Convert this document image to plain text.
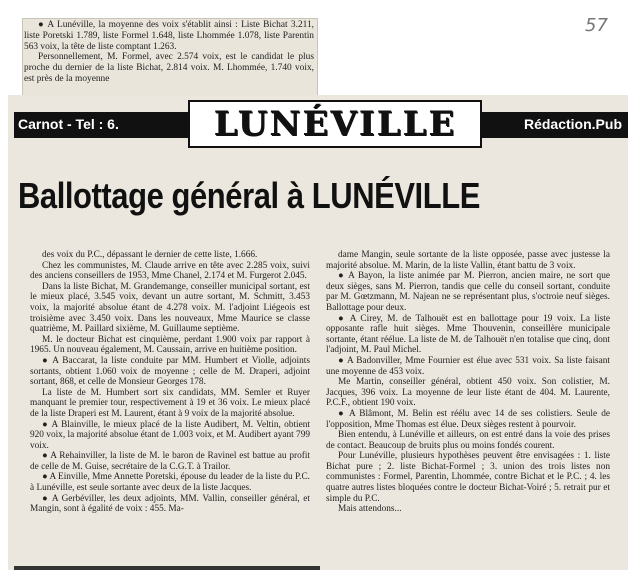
57

● A Lunéville, la moyenne des voix s'établit ainsi : Liste Bichat 3.211, liste Poretski 1.789, liste Formel 1.648, liste Lhommée 1.078, liste Parentin 563 voix, la tête de liste comptant 1.263.

Personnellement, M. Formel, avec 2.574 voix, est le candidat le plus proche du dernier de la liste Bichat, 2.814 voix. M. Lhommée, 1.740 voix, est près de la moyenne

Carnot - Tel : 6.	LUNÉVILLE	Rédaction.Pub
Ballottage général à LUNÉVILLE

des voix du P.C., dépassant le dernier de cette liste, 1.666.

Chez les communistes, M. Claude arrive en tête avec 2.285 voix, suivi des anciens conseillers de 1953, Mme Chanel, 2.174 et M. Furgerot 2.045.

Dans la liste Bichat, M. Grandemange, conseiller municipal sortant, est le mieux placé, 3.545 voix, devant un autre sortant, M. Schmitt, 3.453 voix, la majorité absolue étant de 4.278 voix. M. l'adjoint Liégeois est troisième avec 3.450 voix. Dans les nouveaux, Mme Maurice se classe quatrième, M. Paillard sixième, M. Guillaume septième.

M. le docteur Bichat est cinquième, perdant 1.900 voix par rapport à 1965. Un nouveau également, M. Caussain, arrive en huitième position.

● A Baccarat, la liste conduite par MM. Humbert et Violle, adjoints sortants, obtient 1.060 voix de moyenne ; celle de M. Draperi, adjoint sortant, 868, et celle de Monsieur Georges 178.

La liste de M. Humbert sort six candidats, MM. Semler et Ruyer manquant le premier tour, respectivement à 19 et 36 voix. Le mieux placé de la liste Draperi est M. Laurent, étant à 9 voix de la majorité absolue.

● A Blainville, le mieux placé de la liste Audibert, M. Veltin, obtient 920 voix, la majorité absolue étant de 1.003 voix, et M. Audibert ayant 799 voix.

● A Rehainviller, la liste de M. le baron de Ravinel est battue au profit de celle de M. Guise, secrétaire de la C.G.T. à Trailor.

● A Einville, Mme Annette Poretski, épouse du leader de la liste du P.C. à Lunéville, est seule sortante avec deux de la liste Jacques.

● A Gerbéviller, les deux adjoints, MM. Vallin, conseiller général, et Mangin, sont à égalité de voix : 455. Ma-

dame Mangin, seule sortante de la liste opposée, passe avec justesse la majorité absolue. M. Marin, de la liste Vallin, étant battu de 3 voix.

● A Bayon, la liste animée par M. Pierron, ancien maire, ne sort que deux sièges, sans M. Pierron, tandis que celle du conseil sortant, conduite par M. Gœtzmann, M. Najean ne se représentant plus, s'octroie neuf sièges. Ballottage pour deux.

● A Cirey, M. de Talhouët est en ballottage pour 19 voix. La liste opposante rafle huit sièges. Mme Thouvenin, conseillère municipale sortante, étant réélue. La liste de M. de Talhouët n'en totalise que cinq, dont l'adjoint, M. Paul Michel.

● A Badonviller, Mme Fournier est élue avec 531 voix. Sa liste faisant une moyenne de 453 voix.

Me Martin, conseiller général, obtient 450 voix. Son colistier, M. Jacques, 396 voix. La moyenne de leur liste étant de 404. M. Laurente, P.C.F., obtient 190 voix.

● A Blâmont, M. Belin est réélu avec 14 de ses colistiers. Seule de l'opposition, Mme Thomas est élue. Deux sièges restent à pourvoir.

Bien entendu, à Lunéville et ailleurs, on est entré dans la voie des prises de contact. Beaucoup de bruits plus ou moins fondés courent.

Pour Lunéville, plusieurs hypothèses peuvent être envisagées : 1. liste Bichat pure ; 2. liste Bichat-Formel ; 3. union des trois listes non communistes : Formel, Parentin, Lhommée, contre Bichat et le P.C. ; 4. les quatre autres listes bloquées contre le docteur Bichat-Voiré ; 5. retrait pur et simple du P.C.

Mais attendons...
